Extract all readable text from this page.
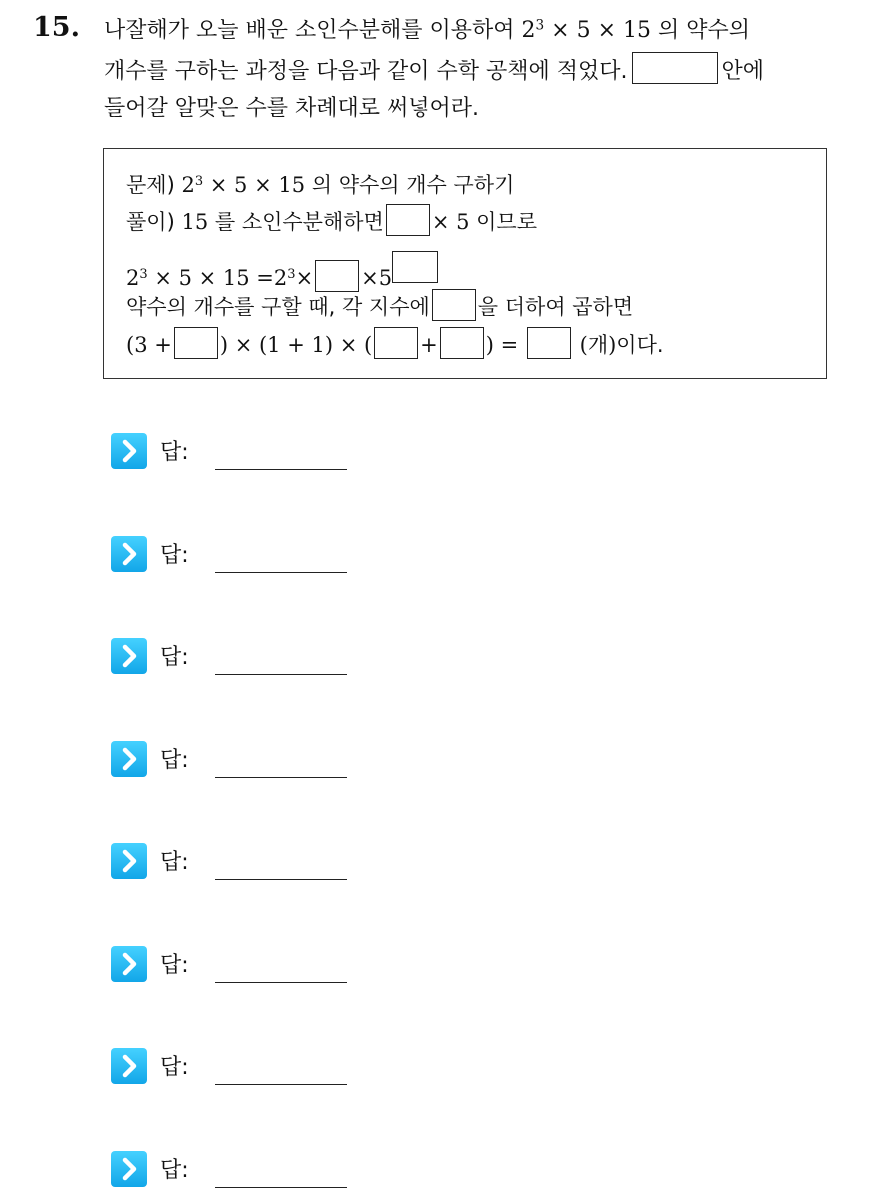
15. 나잘해가 오늘 배운 소인수분해를 이용하여 $2^3 \times 5 \times 15$ 의 약수의
개수를 구하는 과정을 다음과 같이 수학 공책에 적었다.	안에
들어갈 알맞은 수를 차례대로 써넣어라.
문제) $2^3 \times 5 \times 15$ 의 약수의 개수 구하기
풀이) 15 를 소인수분해하면 × 5 이므로
$2^3 \times 5 \times 15 =2^3\times \times 5$
약수의 개수를 구할 때, 각 지수에 을 더하여 곱하면
(3 + ) × (1 + 1) × ( + ) =	(개)이다.
답:
답:
답:
답:
답:
답:
답:
답:
